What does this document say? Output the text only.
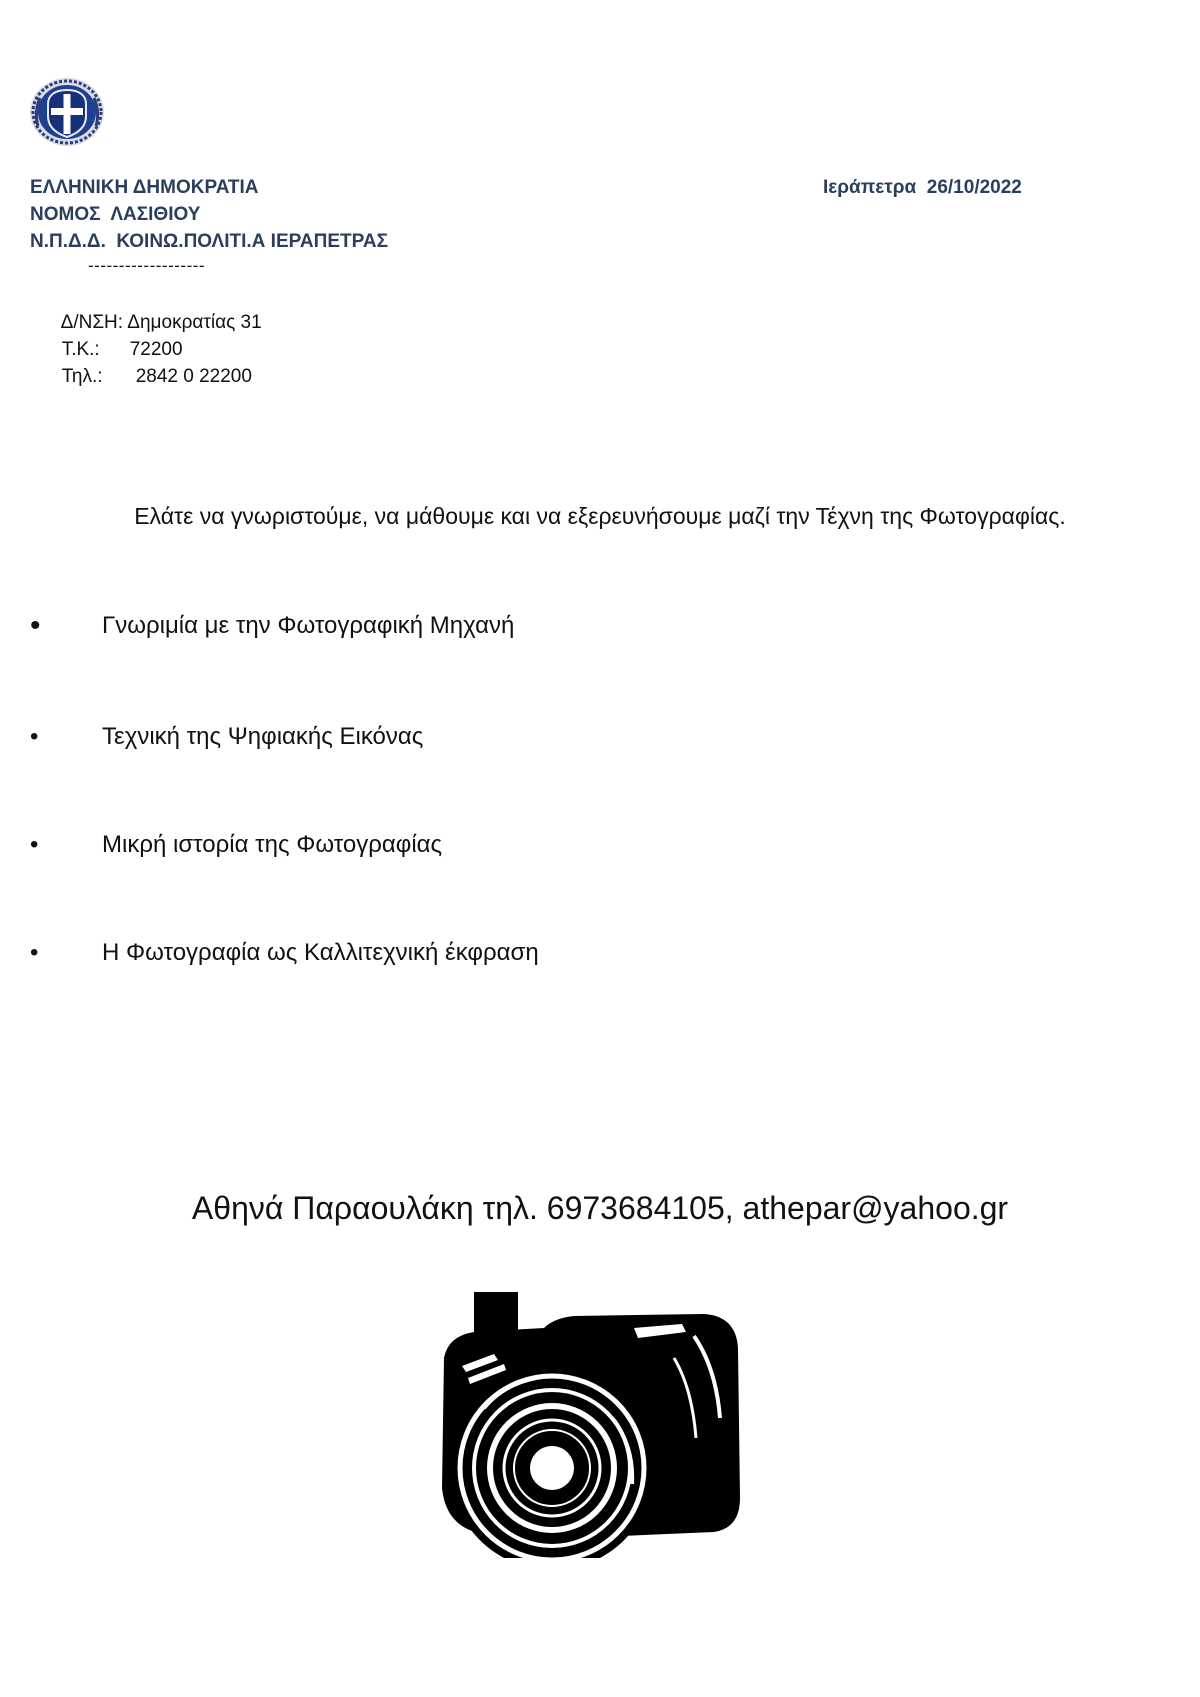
ΕΛΛΗΝΙΚΗ ΔΗΜΟΚΡΑΤΙΑ
ΝΟΜΟΣ  ΛΑΣΙΘΙΟΥ
Ν.Π.Δ.Δ.  ΚΟΙΝΩ.ΠΟΛΙΤΙ.Α ΙΕΡΑΠΕΤΡΑΣ
Ιεράπετρα  26/10/2022
-------------------

Δ/ΝΣΗ: Δημοκρατίας 31

Τ.Κ.: 72200

Τηλ.: 2842 0 22200

Ελάτε να γνωριστούμε, να μάθουμε και να εξερευνήσουμε μαζί την Τέχνη της Φωτογραφίας.
•	Γνωριμία με την Φωτογραφική Μηχανή
•	Τεχνική της Ψηφιακής Εικόνας
•	Μικρή ιστορία της Φωτογραφίας
•	Η Φωτογραφία ως Καλλιτεχνική έκφραση
Αθηνά Παραουλάκη τηλ. 6973684105, athepar@yahoo.gr
